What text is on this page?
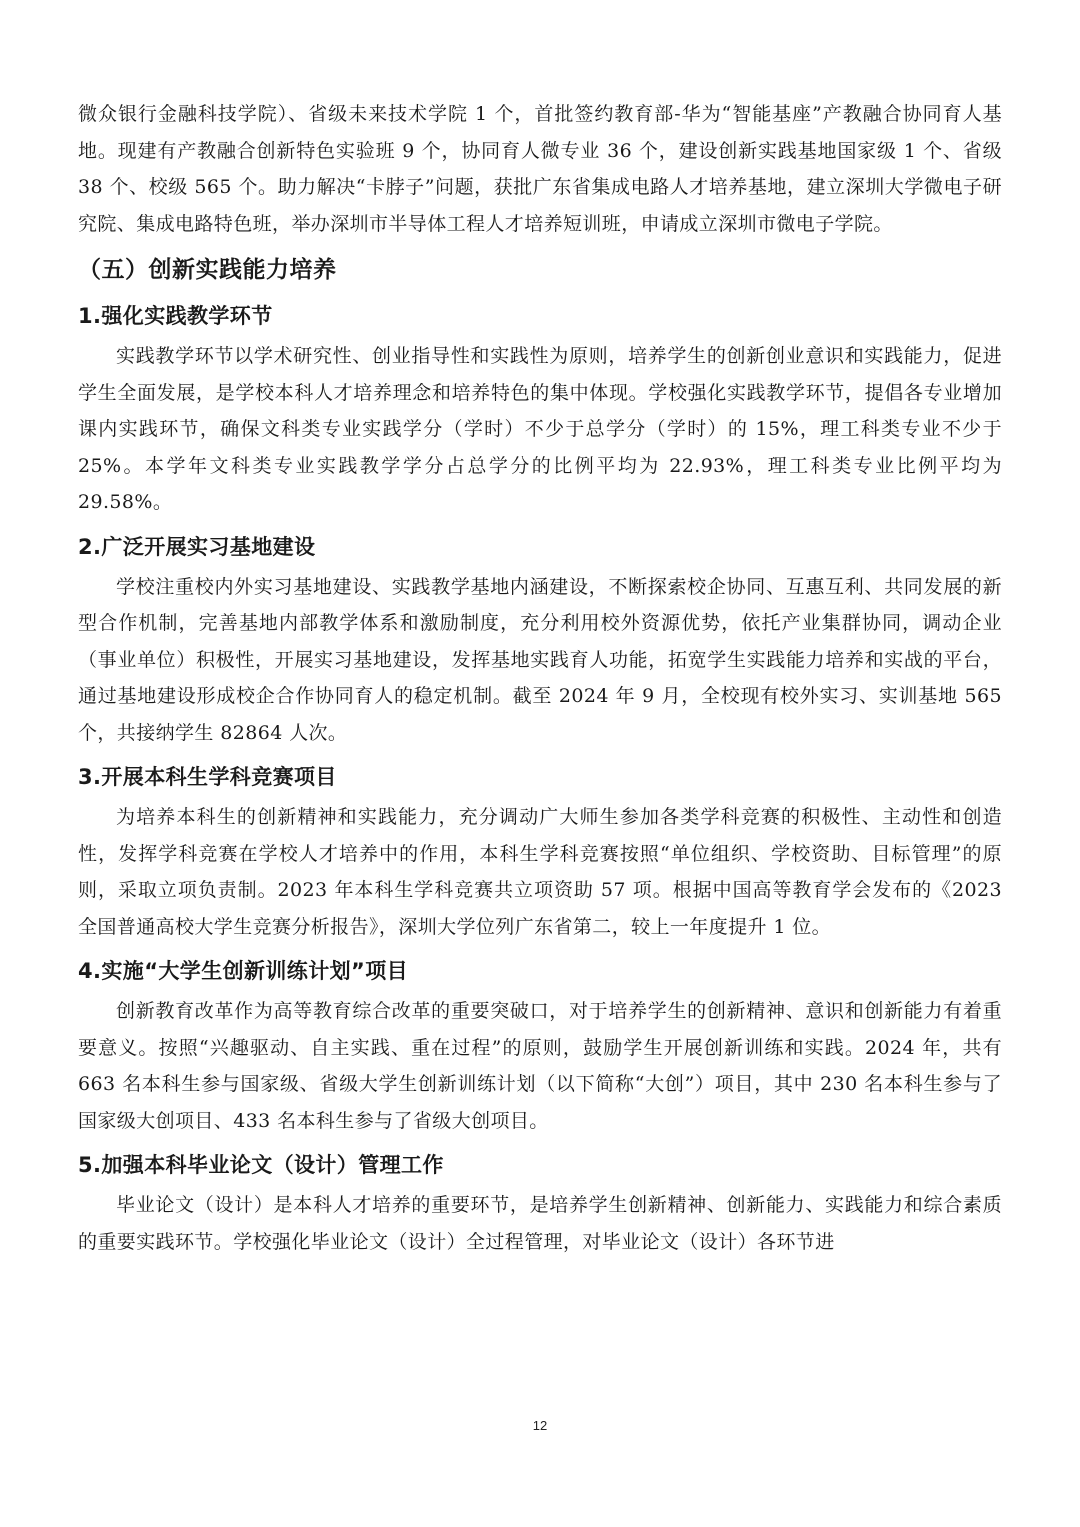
微众银行金融科技学院）、省级未来技术学院 1 个，首批签约教育部-华为“智能基座”产教融合协同育人基地。现建有产教融合创新特色实验班 9 个，协同育人微专业 36 个，建设创新实践基地国家级 1 个、省级 38 个、校级 565 个。助力解决“卡脖子”问题，获批广东省集成电路人才培养基地，建立深圳大学微电子研究院、集成电路特色班，举办深圳市半导体工程人才培养短训班，申请成立深圳市微电子学院。

（五）创新实践能力培养
1.强化实践教学环节

实践教学环节以学术研究性、创业指导性和实践性为原则，培养学生的创新创业意识和实践能力，促进学生全面发展，是学校本科人才培养理念和培养特色的集中体现。学校强化实践教学环节，提倡各专业增加课内实践环节，确保文科类专业实践学分（学时）不少于总学分（学时）的 15%，理工科类专业不少于 25%。本学年文科类专业实践教学学分占总学分的比例平均为 22.93%，理工科类专业比例平均为 29.58%。

2.广泛开展实习基地建设

学校注重校内外实习基地建设、实践教学基地内涵建设，不断探索校企协同、互惠互利、共同发展的新型合作机制，完善基地内部教学体系和激励制度，充分利用校外资源优势，依托产业集群协同，调动企业（事业单位）积极性，开展实习基地建设，发挥基地实践育人功能，拓宽学生实践能力培养和实战的平台，通过基地建设形成校企合作协同育人的稳定机制。截至 2024 年 9 月，全校现有校外实习、实训基地 565 个，共接纳学生 82864 人次。

3.开展本科生学科竞赛项目

为培养本科生的创新精神和实践能力，充分调动广大师生参加各类学科竞赛的积极性、主动性和创造性，发挥学科竞赛在学校人才培养中的作用，本科生学科竞赛按照“单位组织、学校资助、目标管理”的原则，采取立项负责制。2023 年本科生学科竞赛共立项资助 57 项。根据中国高等教育学会发布的《2023 全国普通高校大学生竞赛分析报告》，深圳大学位列广东省第二，较上一年度提升 1 位。

4.实施“大学生创新训练计划”项目

创新教育改革作为高等教育综合改革的重要突破口，对于培养学生的创新精神、意识和创新能力有着重要意义。按照“兴趣驱动、自主实践、重在过程”的原则，鼓励学生开展创新训练和实践。2024 年，共有 663 名本科生参与国家级、省级大学生创新训练计划（以下简称“大创”）项目，其中 230 名本科生参与了国家级大创项目、433 名本科生参与了省级大创项目。

5.加强本科毕业论文（设计）管理工作

毕业论文（设计）是本科人才培养的重要环节，是培养学生创新精神、创新能力、实践能力和综合素质的重要实践环节。学校强化毕业论文（设计）全过程管理，对毕业论文（设计）各环节进

12
